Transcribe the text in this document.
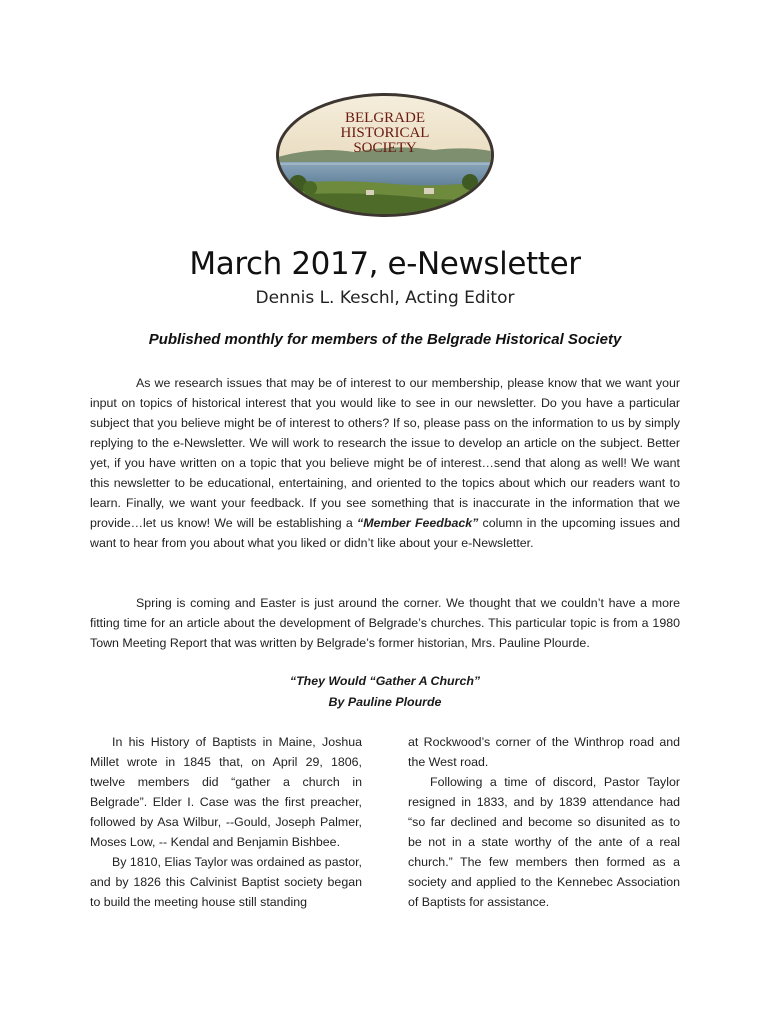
BELGRADE
HISTORICAL
SOCIETY
March 2017, e-Newsletter
Dennis L. Keschl, Acting Editor
Published monthly for members of the Belgrade Historical Society
As we research issues that may be of interest to our membership, please know that we want your input on topics of historical interest that you would like to see in our newsletter. Do you have a particular subject that you believe might be of interest to others? If so, please pass on the information to us by simply replying to the e-Newsletter. We will work to research the issue to develop an article on the subject. Better yet, if you have written on a topic that you believe might be of interest…send that along as well! We want this newsletter to be educational, entertaining, and oriented to the topics about which our readers want to learn. Finally, we want your feedback. If you see something that is inaccurate in the information that we provide…let us know! We will be establishing a “Member Feedback” column in the upcoming issues and want to hear from you about what you liked or didn’t like about your e-Newsletter.
Spring is coming and Easter is just around the corner. We thought that we couldn’t have a more fitting time for an article about the development of Belgrade’s churches. This particular topic is from a 1980 Town Meeting Report that was written by Belgrade’s former historian, Mrs. Pauline Plourde.
“They Would “Gather A Church”
By Pauline Plourde

In his History of Baptists in Maine, Joshua Millet wrote in 1845 that, on April 29, 1806, twelve members did “gather a church in Belgrade”. Elder I. Case was the first preacher, followed by Asa Wilbur, --Gould, Joseph Palmer, Moses Low, -- Kendal and Benjamin Bishbee.

By 1810, Elias Taylor was ordained as pastor, and by 1826 this Calvinist Baptist society began to build the meeting house still standing

at Rockwood’s corner of the Winthrop road and the West road.

Following a time of discord, Pastor Taylor resigned in 1833, and by 1839 attendance had “so far declined and become so disunited as to be not in a state worthy of the ante of a real church.” The few members then formed as a society and applied to the Kennebec Association of Baptists for assistance.
